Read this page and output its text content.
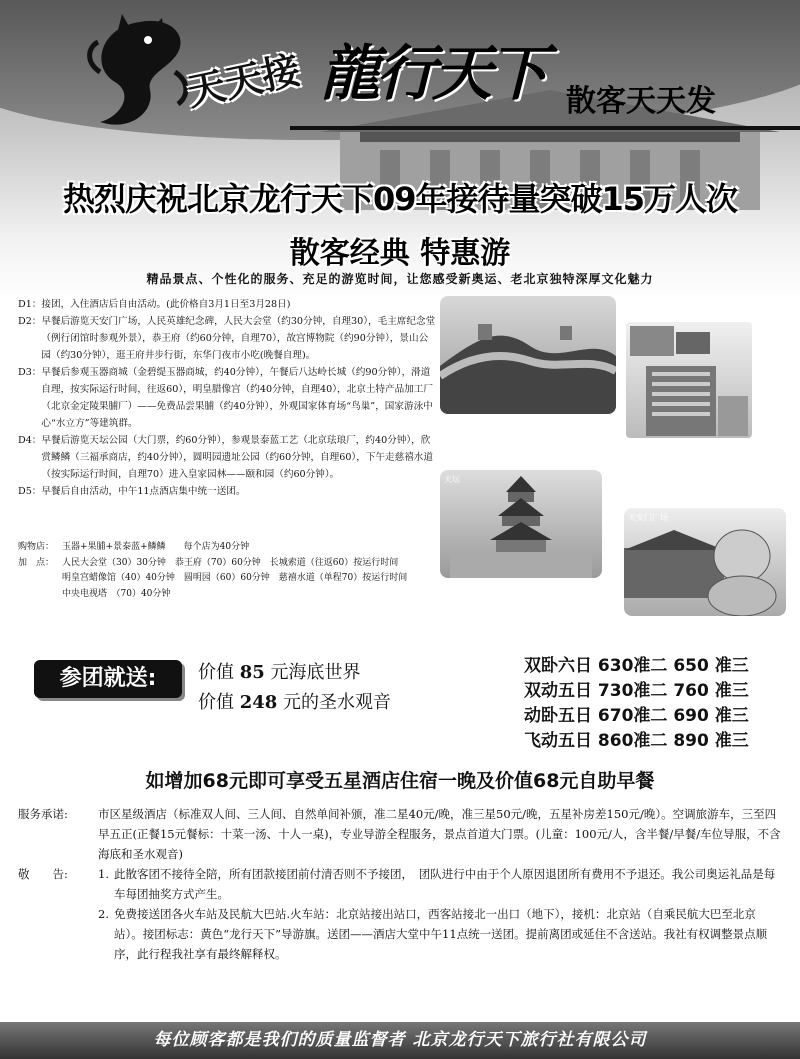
天天接 龍行天下 散客天天发
热烈庆祝北京龙行天下09年接待量突破15万人次
散客经典 特惠游
精品景点、个性化的服务、充足的游览时间，让您感受新奥运、老北京独特深厚文化魅力
D1： 接团，入住酒店后自由活动。(此价格自3月1日至3月28日)
D2： 早餐后游览天安门广场，人民英雄纪念碑，人民大会堂（约30分钟，自理30），毛主席纪念堂（例行闭馆时参观外景），恭王府（约60分钟，自理70），故宫博物院（约90分钟），景山公园（约30分钟），逛王府井步行街，东华门夜市小吃(晚餐自理)。
D3： 早餐后参观玉器商城（金碧缇玉器商城，约40分钟），午餐后八达岭长城（约90分钟），滑道自理，按实际运行时间，往返60），明皇腊像宫（约40分钟，自理40），北京土特产品加工厂（北京金定陵果脯厂）——免费品尝果脯（约40分钟），外观国家体育场“鸟巢”，国家游泳中心“水立方”等建筑群。
D4： 早餐后游览天坛公园（大门票，约60分钟），参观景泰蓝工艺（北京珐琅厂，约40分钟），欣赏鳞鳞（三福承商店，约40分钟），圆明园遗址公园（约60分钟，自理60），下午走慈禧水道（按实际运行时间，自理70）进入皇家园林——颐和园（约60分钟）。
D5： 早餐后自由活动，中午11点酒店集中统一送团。
购物店： 玉器+果脯+景泰蓝+鳞鳞　　每个店为40分钟
加　点： 人民大会堂（30）30分钟　恭王府（70）60分钟　长城索道（往返60）按运行时间
明皇宫蜡像馆（40）40分钟　圆明园（60）60分钟　慈禧水道（单程70）按运行时间
中央电视塔　（70）40分钟
天坛
天安门广场
参团就送:	价值 85 元海底世界
价值 248 元的圣水观音
双卧六日 630准二 650 准三
双动五日 730准二 760 准三
动卧五日 670准二 690 准三
飞动五日 860准二 890 准三
如增加68元即可享受五星酒店住宿一晚及价值68元自助早餐
服务承诺:	市区星级酒店（标准双人间、三人间、自然单间补颁，准二星40元/晚，准三星50元/晚，五星补房差150元/晚）。空调旅游车，三至四早五正(正餐15元餐标：十菜一汤、十人一桌)，专业导游全程服务，景点首道大门票。(儿童：100元/人，含半餐/早餐/车位导服，不含海底和圣水观音)
敬　　告:	1. 此散客团不接待全陪，所有团款接团前付清否则不予接团，　团队进行中由于个人原因退团所有费用不予退还。我公司奥运礼品是每车每团抽奖方式产生。
2. 免费接送团各火车站及民航大巴站.火车站：北京站接出站口，西客站接北一出口（地下），接机：北京站（自乘民航大巴至北京站）。接团标志：黄色“龙行天下”导游旗。送团——酒店大堂中午11点统一送团。提前离团或延住不含送站。我社有权调整景点顺序，此行程我社享有最终解释权。
每位顾客都是我们的质量监督者 北京龙行天下旅行社有限公司
